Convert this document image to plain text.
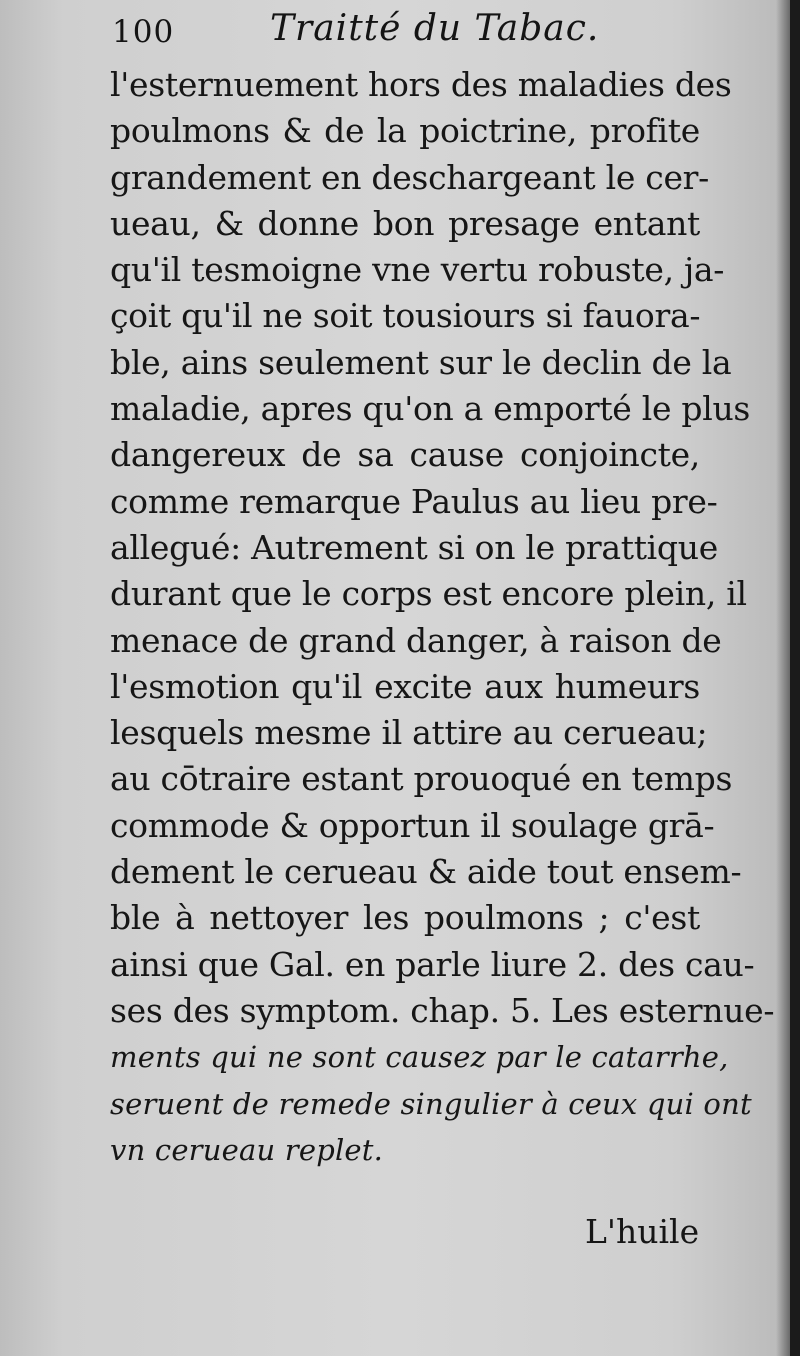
100	Traitté du Tabac.
l'esternuement hors des maladies des
poulmons & de la poictrine, profite
grandement en deschargeant le cer-
ueau, & donne bon presage entant
qu'il tesmoigne vne vertu robuste, ja-
çoit qu'il ne soit tousiours si fauora-
ble, ains seulement sur le declin de la
maladie, apres qu'on a emporté le plus
dangereux de sa cause conjoincte,
comme remarque Paulus au lieu pre-
allegué: Autrement si on le prattique
durant que le corps est encore plein, il
menace de grand danger, à raison de
l'esmotion qu'il excite aux humeurs
lesquels mesme il attire au cerueau;
au cōtraire estant prouoqué en temps
commode & opportun il soulage grā-
dement le cerueau & aide tout ensem-
ble à nettoyer les poulmons ; c'est
ainsi que Gal. en parle liure 2. des cau-
ses des symptom. chap. 5. Les esternue-
ments qui ne sont causez par le catarrhe,
seruent de remede singulier à ceux qui ont
vn cerueau replet.
L'huile
